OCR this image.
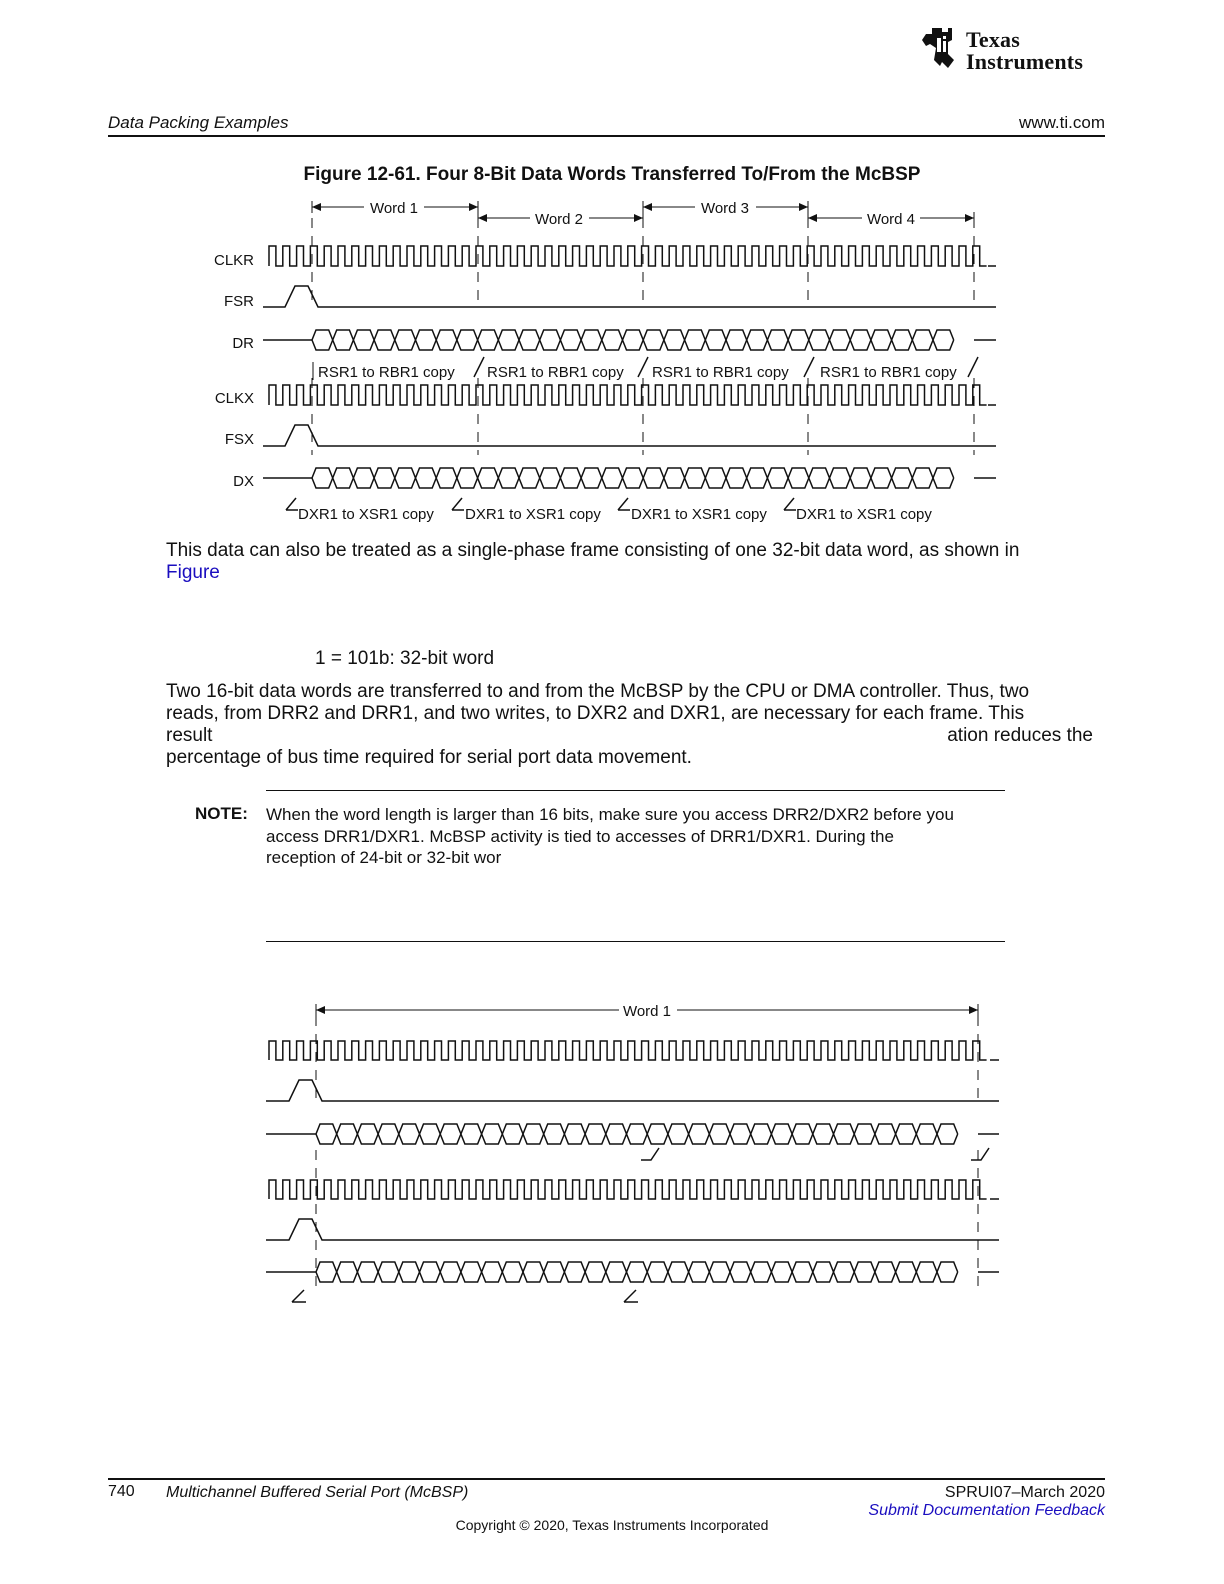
Texas
Instruments
Data Packing Examples	www.ti.com
Figure 12-61. Four 8-Bit Data Words Transferred To/From the McBSP
Word 1
Word 2
Word 3
Word 4
CLKR
FSR
DR
CLKX
FSX
DX
RSR1 to RBR1 copy RSR1 to RBR1 copy RSR1 to RBR1 copy RSR1 to RBR1 copy
DXR1 to XSR1 copy DXR1 to XSR1 copy DXR1 to XSR1 copy DXR1 to XSR1 copy
This data can also be treated as a single-phase frame consisting of one 32-bit data word, as shown in
Figure
1 = 101b: 32-bit word
Two 16-bit data words are transferred to and from the McBSP by the CPU or DMA controller. Thus, two
reads, from DRR2 and DRR1, and two writes, to DXR2 and DXR1, are necessary for each frame. This
result	ation reduces the
percentage of bus time required for serial port data movement.
NOTE: When the word length is larger than 16 bits, make sure you access DRR2/DXR2 before you
access DRR1/DXR1. McBSP activity is tied to accesses of DRR1/DXR1. During the
reception of 24-bit or 32-bit wor
Word 1
740 Multichannel Buffered Serial Port (McBSP)	SPRUI07–March 2020
Submit Documentation Feedback
Copyright © 2020, Texas Instruments Incorporated
